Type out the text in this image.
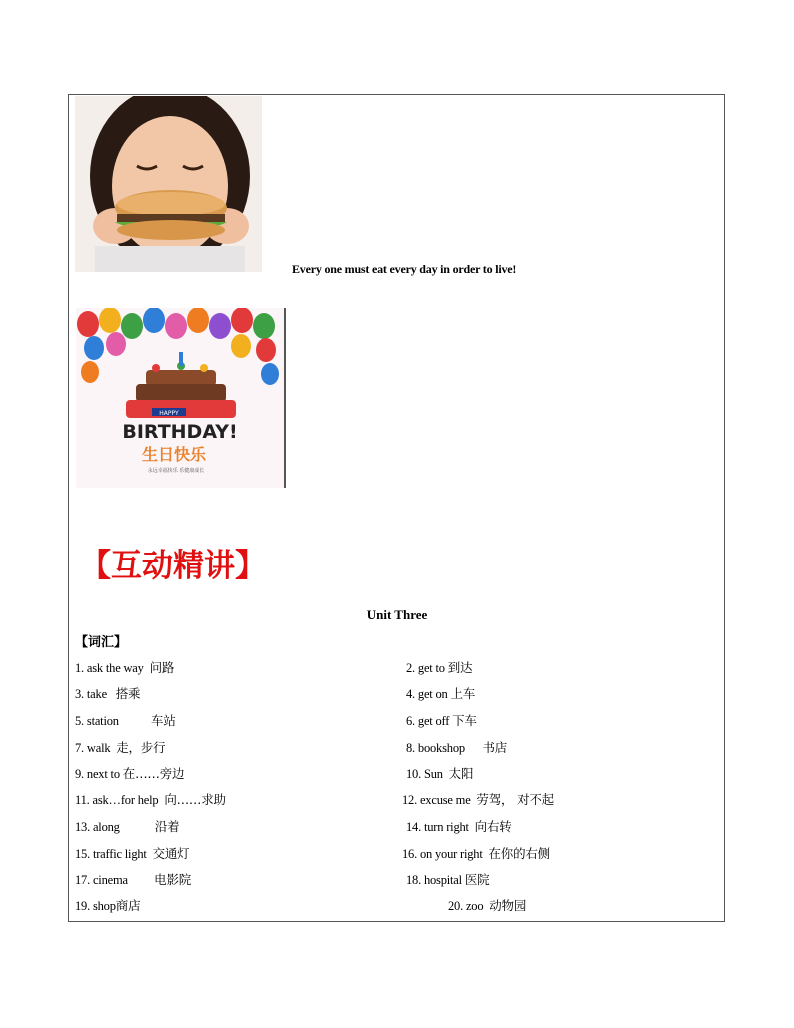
Every one must eat every day in order to live!
HAPPY
BIRTHDAY!
生日快乐
永远幸福快乐 乐健康成长
【互动精讲】
Unit Three
【词汇】
1. ask the way  问路
3. take   搭乘
5. station           车站
7. walk  走，步行
9. next to 在……旁边
11. ask…for help  向……求助
13. along            沿着
15. traffic light  交通灯
17. cinema         电影院
19. shop商店
2. get to 到达
4. get on 上车
6. get off 下车
8. bookshop      书店
10. Sun  太阳
12. excuse me  劳驾， 对不起
14. turn right  向右转
16. on your right  在你的右侧
18. hospital 医院
20. zoo  动物园
